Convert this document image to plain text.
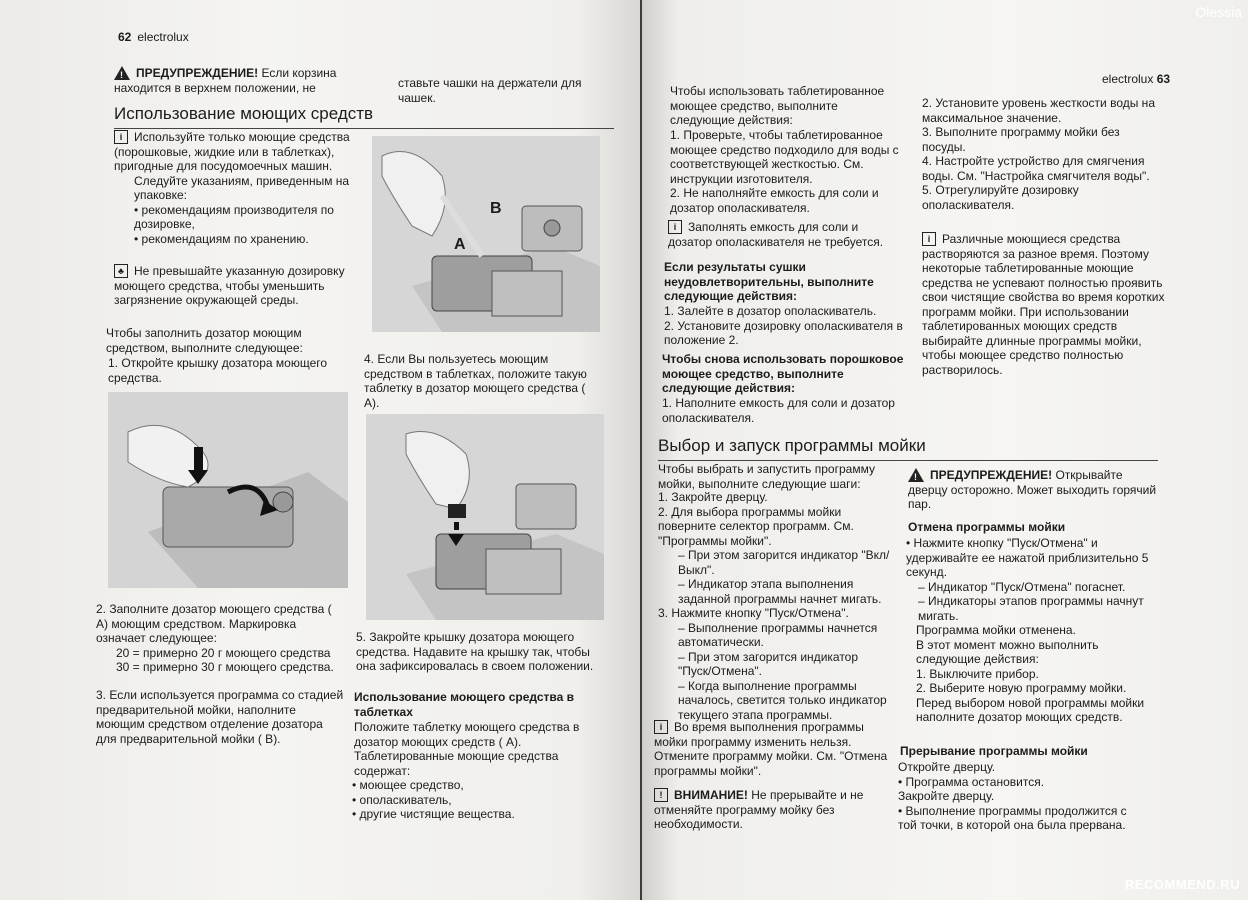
62 electrolux
!ПРЕДУПРЕЖДЕНИЕ! Если корзина находится в верхнем положении, не	ставьте чашки на держатели для чашек.
Использование моющих средств
i Используйте только моющие средства (порошковые, жидкие или в таблетках), пригодные для посудомоечных машин.
Следуйте указаниям, приведенным на упаковке:
• рекомендациям производителя по дозировке,
• рекомендациям по хранению.
♣ Не превышайте указанную дозировку моющего средства, чтобы уменьшить загрязнение окружающей среды.
Чтобы заполнить дозатор моющим средством, выполните следующее:
1. Откройте крышку дозатора моющего средства.
2. Заполните дозатор моющего средства ( A) моющим средством. Маркировка означает следующее:
20 = примерно 20 г моющего средства
30 = примерно 30 г моющего средства.
3. Если используется программа со стадией предварительной мойки, наполните моющим средством отделение дозатора для предварительной мойки ( B).
A
B
4. Если Вы пользуетесь моющим средством в таблетках, положите такую таблетку в дозатор моющего средства ( A).
5. Закройте крышку дозатора моющего средства. Надавите на крышку так, чтобы она зафиксировалась в своем положении.
Использование моющего средства в таблетках
Положите таблетку моющего средства в дозатор моющих средств ( A). Таблетированные моющие средства содержат:
• моющее средство,
• ополаскиватель,
• другие чистящие вещества.
electrolux 63
Чтобы использовать таблетированное моющее средство, выполните следующие действия:
1. Проверьте, чтобы таблетированное моющее средство подходило для воды с соответствующей жесткостью. См. инструкции изготовителя.
2. Не наполняйте емкость для соли и дозатор ополаскивателя.
i Заполнять емкость для соли и дозатор ополаскивателя не требуется.
Если результаты сушки неудовлетворительны, выполните следующие действия:
1. Залейте в дозатор ополаскиватель.
2. Установите дозировку ополаскивателя в положение 2.
Чтобы снова использовать порошковое моющее средство, выполните следующие действия:
1. Наполните емкость для соли и дозатор ополаскивателя.
2. Установите уровень жесткости воды на максимальное значение.
3. Выполните программу мойки без посуды.
4. Настройте устройство для смягчения воды. См. "Настройка смягчителя воды".
5. Отрегулируйте дозировку ополаскивателя.
i Различные моющиеся средства растворяются за разное время. Поэтому некоторые таблетированные моющие средства не успевают полностью проявить свои чистящие свойства во время коротких программ мойки. При использовании таблетированных моющих средств выбирайте длинные программы мойки, чтобы моющее средство полностью растворилось.
Выбор и запуск программы мойки
Чтобы выбрать и запустить программу мойки, выполните следующие шаги:
1. Закройте дверцу.
2. Для выбора программы мойки поверните селектор программ. См. "Программы мойки".
– При этом загорится индикатор "Вкл/Выкл".
– Индикатор этапа выполнения заданной программы начнет мигать.
3. Нажмите кнопку "Пуск/Отмена".
– Выполнение программы начнется автоматически.
– При этом загорится индикатор "Пуск/Отмена".
– Когда выполнение программы началось, светится только индикатор текущего этапа программы.
i Во время выполнения программы мойки программу изменить нельзя. Отмените программу мойки. См. "Отмена программы мойки".
! ВНИМАНИЕ! Не прерывайте и не отменяйте программу мойку без необходимости.
!ПРЕДУПРЕЖДЕНИЕ! Открывайте дверцу осторожно. Может выходить горячий пар.
Отмена программы мойки
• Нажмите кнопку "Пуск/Отмена" и удерживайте ее нажатой приблизительно 5 секунд.
– Индикатор "Пуск/Отмена" погаснет.
– Индикаторы этапов программы начнут мигать.
Программа мойки отменена.
В этот момент можно выполнить следующие действия:
1. Выключите прибор.
2. Выберите новую программу мойки. Перед выбором новой программы мойки наполните дозатор моющих средств.
Прерывание программы мойки
Откройте дверцу.
• Программа остановится.
Закройте дверцу.
• Выполнение программы продолжится с той точки, в которой она была прервана.
Olessia
RECOMMEND.RU
